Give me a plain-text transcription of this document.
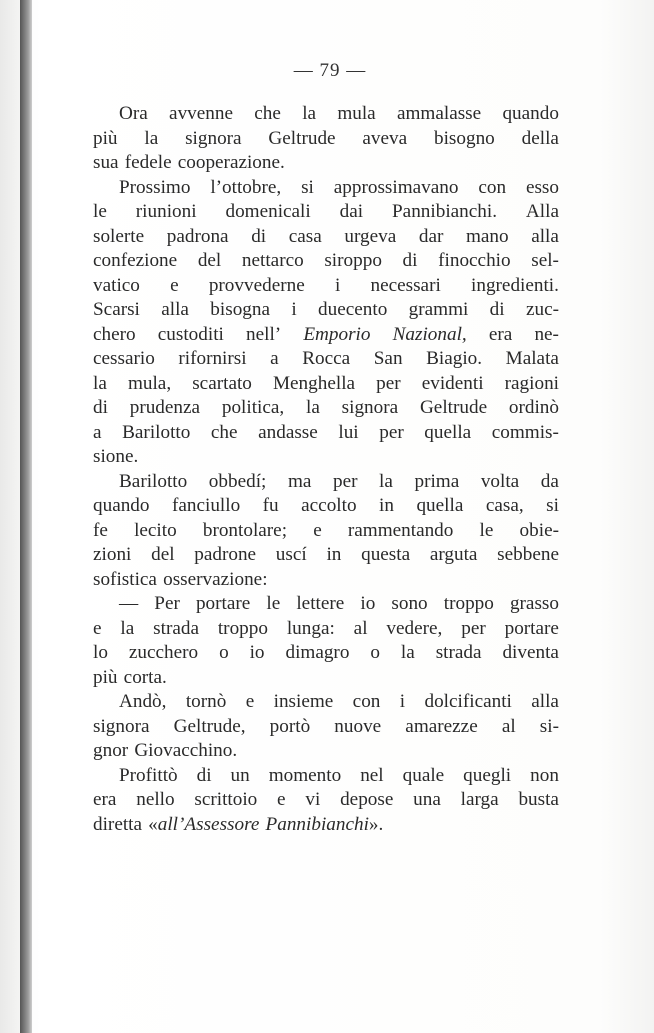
— 79 —
Ora avvenne che la mula ammalasse quando
più la signora Geltrude aveva bisogno della
sua fedele cooperazione.
Prossimo l’ottobre, si approssimavano con esso
le riunioni domenicali dai Pannibianchi. Alla
solerte padrona di casa urgeva dar mano alla
confezione del nettarco siroppo di finocchio sel-
vatico e provvederne i necessari ingredienti.
Scarsi alla bisogna i duecento grammi di zuc-
chero custoditi nell’ Emporio Nazional, era ne-
cessario rifornirsi a Rocca San Biagio. Malata
la mula, scartato Menghella per evidenti ragioni
di prudenza politica, la signora Geltrude ordinò
a Barilotto che andasse lui per quella commis-
sione.
Barilotto obbedí; ma per la prima volta da
quando fanciullo fu accolto in quella casa, si
fe lecito brontolare; e rammentando le obie-
zioni del padrone uscí in questa arguta sebbene
sofistica osservazione:
— Per portare le lettere io sono troppo grasso
e la strada troppo lunga: al vedere, per portare
lo zucchero o io dimagro o la strada diventa
più corta.
Andò, tornò e insieme con i dolcificanti alla
signora Geltrude, portò nuove amarezze al si-
gnor Giovacchino.
Profittò di un momento nel quale quegli non
era nello scrittoio e vi depose una larga busta
diretta «all’Assessore Pannibianchi».
